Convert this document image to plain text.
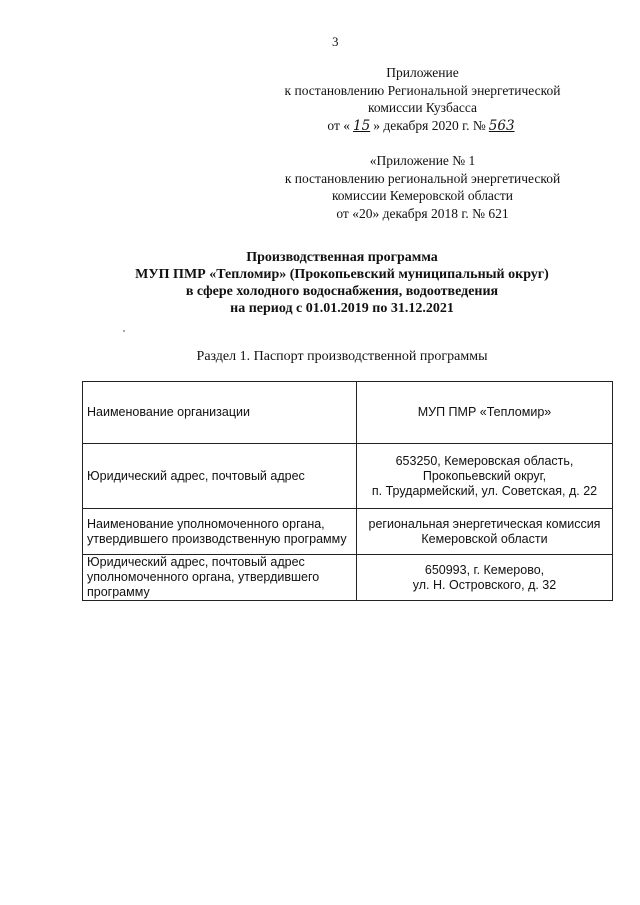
3
Приложение
к постановлению Региональной энергетической
комиссии Кузбасса
от « 15 » декабря 2020 г. № 563
«Приложение № 1
к постановлению региональной энергетической
комиссии Кемеровской области
от «20» декабря 2018 г. № 621
Производственная программа
МУП ПМР «Тепломир» (Прокопьевский муниципальный округ)
в сфере холодного водоснабжения, водоотведения
на период с 01.01.2019 по 31.12.2021
Раздел 1. Паспорт производственной программы
Наименование организации	МУП ПМР «Тепломир»

Юридический адрес, почтовый адрес	653250, Кемеровская область,
Прокопьевский округ,
п. Трудармейский, ул. Советская, д. 22

Наименование уполномоченного органа, утвердившего производственную программу	региональная энергетическая комиссия
Кемеровской области

Юридический адрес, почтовый адрес уполномоченного органа, утвердившего программу	650993, г. Кемерово,
ул. Н. Островского, д. 32
